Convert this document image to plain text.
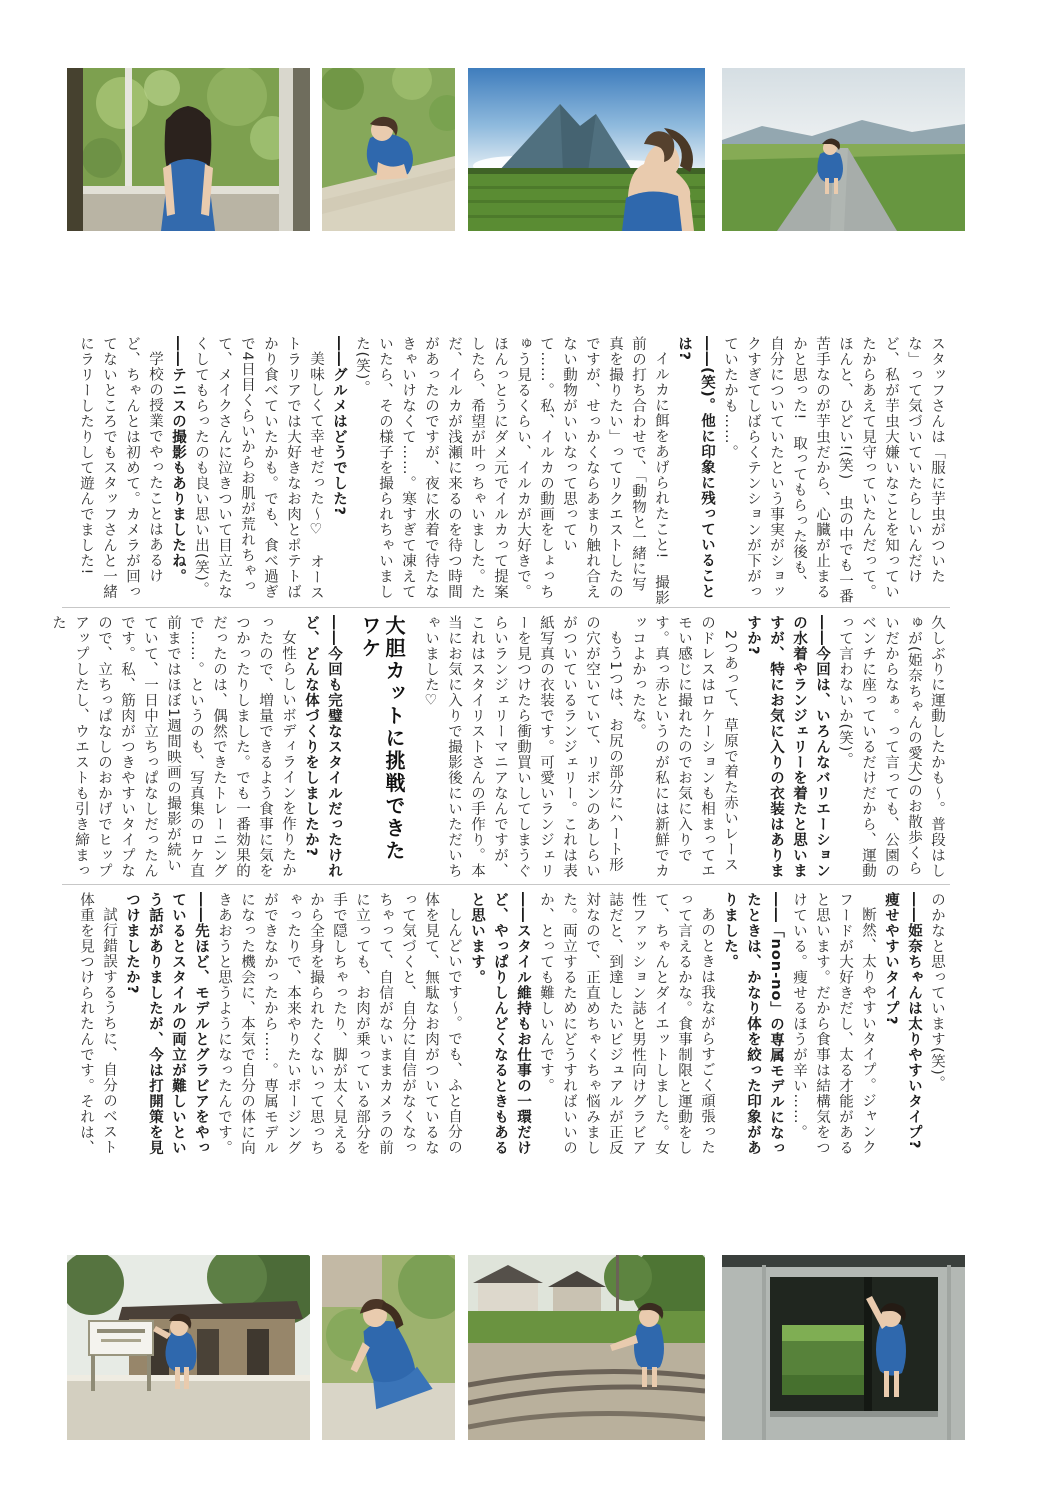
スタッフさんは「服に芋虫がついたな」って気づいていたらしいんだけど、私が芋虫大嫌いなことを知っていたからあえて見守っていたんだって。ほんと、ひどい!(笑)　虫の中でも一番苦手なのが芋虫だから、心臓が止まるかと思った!　取ってもらった後も、自分についていたという事実がショックすぎてしばらくテンションが下がっていたかも……。

――(笑)。他に印象に残っていることは?

イルカに餌をあげられたこと!　撮影前の打ち合わせで、「動物と一緒に写真を撮りたい」ってリクエストしたのですが、せっかくならあまり触れ合えない動物がいいなって思っていて……。私、イルカの動画をしょっちゅう見るくらい、イルカが大好きで。ほんっとうにダメ元でイルカって提案したら、希望が叶っちゃいました。ただ、イルカが浅瀬に来るのを待つ時間があったのですが、夜に水着で待たなきゃいけなくて……。寒すぎて凍えていたら、その様子を撮られちゃいました(笑)。

――グルメはどうでした?

美味しくて幸せだった～♡　オーストラリアでは大好きなお肉とポテトばかり食べていたかも。でも、食べ過ぎで4日目くらいからお肌が荒れちゃって、メイクさんに泣きついて目立たなくしてもらったのも良い思い出(笑)。

――テニスの撮影もありましたね。

学校の授業でやったことはあるけど、ちゃんとは初めて。カメラが回ってないところでもスタッフさんと一緒にラリーしたりして遊んでました!

久しぶりに運動したかも～。普段はしゅが(姫奈ちゃんの愛犬)のお散歩くらいだからなぁ。って言っても、公園のベンチに座っているだけだから、運動って言わないか(笑)。

――今回は、いろんなバリエーションの水着やランジェリーを着たと思いますが、特にお気に入りの衣装はありますか?

2つあって、草原で着た赤いレースのドレスはロケーションも相まってエモい感じに撮れたのでお気に入りです。真っ赤というのが私には新鮮でカッコよかったな。

もう1つは、お尻の部分にハート形の穴が空いていて、リボンのあしらいがついているランジェリー。これは表紙写真の衣装です。可愛いランジェリーを見つけたら衝動買いしてしまうぐらいランジェリーマニアなんですが、これはスタイリストさんの手作り。本当にお気に入りで撮影後にいただいちゃいました♡

大胆カットに挑戦できたワケ

――今回も完璧なスタイルだったけれど、どんな体づくりをしましたか?

女性らしいボディラインを作りたかったので、増量できるよう食事に気をつかったりしました。でも一番効果的だったのは、偶然できたトレーニングで……。というのも、写真集のロケ直前まではほぼ1週間映画の撮影が続いていて、一日中立ちっぱなしだったんです。私、筋肉がつきやすいタイプなので、立ちっぱなしのおかげでヒップアップしたし、ウエストも引き締まった

のかなと思っています(笑)。

――姫奈ちゃんは太りやすいタイプ?　痩せやすいタイプ?

断然、太りやすいタイプ。ジャンクフードが大好きだし、太る才能があると思います。だから食事は結構気をつけている。痩せるほうが辛い……。

――「non-no」の専属モデルになったときは、かなり体を絞った印象がありました。

あのときは我ながらすごく頑張ったって言えるかな。食事制限と運動をして、ちゃんとダイエットしました。女性ファッション誌と男性向けグラビア誌だと、到達したいビジュアルが正反対なので、正直めちゃくちゃ悩みました。両立するためにどうすればいいのか、とっても難しいんです。

――スタイル維持もお仕事の一環だけど、やっぱりしんどくなるときもあると思います。

しんどいです～。でも、ふと自分の体を見て、無駄なお肉がついているなって気づくと、自分に自信がなくなっちゃって、自信がないままカメラの前に立っても、お肉が乗っている部分を手で隠しちゃったり、脚が太く見えるから全身を撮られたくないって思っちゃったりで、本来やりたいポージングができなかったから……。専属モデルになった機会に、本気で自分の体に向きあおうと思うようになったんです。

――先ほど、モデルとグラビアをやっているとスタイルの両立が難しいという話がありましたが、今は打開策を見つけましたか?

試行錯誤するうちに、自分のベスト体重を見つけられたんです。それは、
